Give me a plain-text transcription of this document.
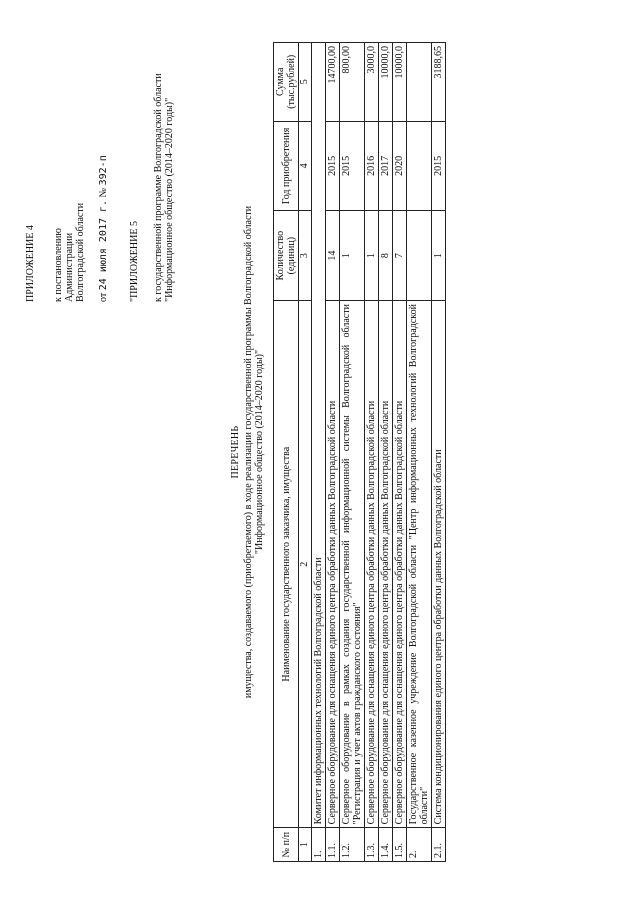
ПРИЛОЖЕНИЕ 4 к постановлению Администрации Волгоградской области от 24 июля 2017 г. № 392-п
"ПРИЛОЖЕНИЕ 5 к государственной программе Волгоградской области "Информационное общество (2014–2020 годы)"
ПЕРЕЧЕНЬ имущества, создаваемого (приобретаемого) в ходе реализации государственной программы Волгоградской области "Информационное общество (2014–2020 годы)"
№ п/п	Наименование государственного заказчика, имущества	Количество (единиц)	Год приобретения	Сумма (тыс.рублей)
1	2	3	4	5
1.	Комитет информационных технологий Волгоградской области			
1.1.	Серверное оборудование для оснащения единого центра обработки данных Волгоградской области	14	2015	14700,00
1.2.	Серверное оборудование в рамках создания государственной информационной системы Волгоградской области "Регистрация и учет актов гражданского состояния"	1	2015	800,00
1.3.	Серверное оборудование для оснащения единого центра обработки данных Волгоградской области	1	2016	3000,0
1.4.	Серверное оборудование для оснащения единого центра обработки данных Волгоградской области	8	2017	10000,0
1.5.	Серверное оборудование для оснащения единого центра обработки данных Волгоградской области	7	2020	10000,0
2.	Государственное казенное учреждение Волгоградской области "Центр информационных технологий Волгоградской области"			
2.1.	Система кондиционирования единого центра обработки данных Волгоградской области	1	2015	3188,65
